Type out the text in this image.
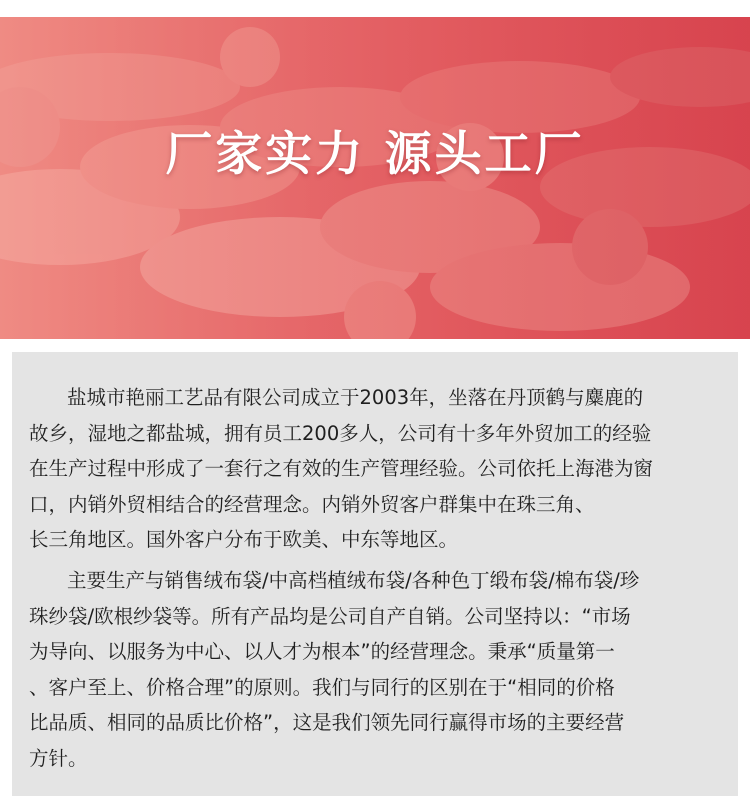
厂家实力 源头工厂

盐城市艳丽工艺品有限公司成立于2003年，坐落在丹顶鹤与麋鹿的
故乡，湿地之都盐城，拥有员工200多人，公司有十多年外贸加工的经验
在生产过程中形成了一套行之有效的生产管理经验。公司依托上海港为窗
口，内销外贸相结合的经营理念。内销外贸客户群集中在珠三角、
长三角地区。国外客户分布于欧美、中东等地区。

主要生产与销售绒布袋/中高档植绒布袋/各种色丁缎布袋/棉布袋/珍
珠纱袋/欧根纱袋等。所有产品均是公司自产自销。公司坚持以：“市场
为导向、以服务为中心、以人才为根本”的经营理念。秉承“质量第一
、客户至上、价格合理”的原则。我们与同行的区别在于“相同的价格
比品质、相同的品质比价格”，这是我们领先同行赢得市场的主要经营
方针。
